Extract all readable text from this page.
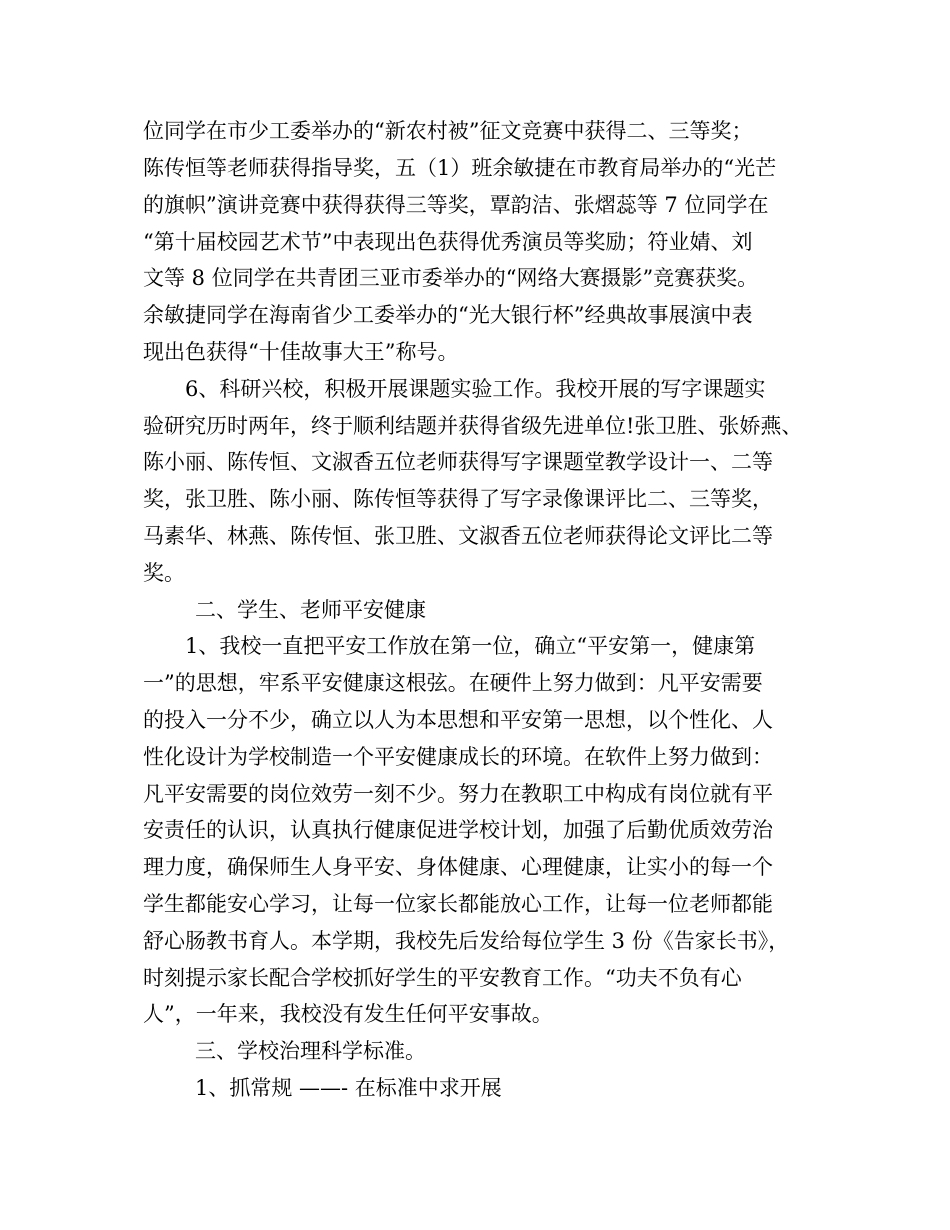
位同学在市少工委举办的“新农村被”征文竞赛中获得二、三等奖；
陈传恒等老师获得指导奖，五（1）班余敏捷在市教育局举办的“光芒
的旗帜”演讲竞赛中获得获得三等奖，覃韵洁、张熠蕊等 7 位同学在
“第十届校园艺术节”中表现出色获得优秀演员等奖励；符业婧、刘
文等 8 位同学在共青团三亚市委举办的“网络大赛摄影”竞赛获奖。
余敏捷同学在海南省少工委举办的“光大银行杯”经典故事展演中表
现出色获得“十佳故事大王”称号。
6、科研兴校，积极开展课题实验工作。我校开展的写字课题实
验研究历时两年，终于顺利结题并获得省级先进单位!张卫胜、张娇燕、
陈小丽、陈传恒、文淑香五位老师获得写字课题堂教学设计一、二等
奖，张卫胜、陈小丽、陈传恒等获得了写字录像课评比二、三等奖，
马素华、林燕、陈传恒、张卫胜、文淑香五位老师获得论文评比二等
奖。
二、学生、老师平安健康
1、我校一直把平安工作放在第一位，确立“平安第一，健康第
一”的思想，牢系平安健康这根弦。在硬件上努力做到：凡平安需要
的投入一分不少，确立以人为本思想和平安第一思想，以个性化、人
性化设计为学校制造一个平安健康成长的环境。在软件上努力做到：
凡平安需要的岗位效劳一刻不少。努力在教职工中构成有岗位就有平
安责任的认识，认真执行健康促进学校计划，加强了后勤优质效劳治
理力度，确保师生人身平安、身体健康、心理健康，让实小的每一个
学生都能安心学习，让每一位家长都能放心工作，让每一位老师都能
舒心肠教书育人。本学期，我校先后发给每位学生 3 份《告家长书》，
时刻提示家长配合学校抓好学生的平安教育工作。“功夫不负有心
人”，一年来，我校没有发生任何平安事故。
三、学校治理科学标准。
1、抓常规 ——- 在标准中求开展
